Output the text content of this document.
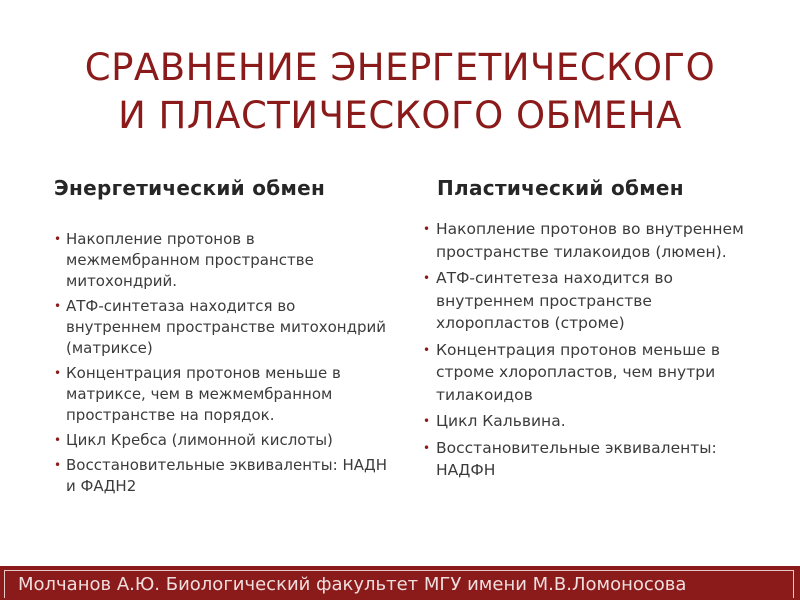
СРАВНЕНИЕ ЭНЕРГЕТИЧЕСКОГО
И ПЛАСТИЧЕСКОГО ОБМЕНА
Энергетический обмен
• Накопление протонов в межмембранном пространстве митохондрий.
• АТФ-синтетаза находится во внутреннем пространстве митохондрий (матриксе)
• Концентрация протонов меньше в матриксе, чем в межмембранном пространстве на порядок.
• Цикл Кребса (лимонной кислоты)
• Восстановительные эквиваленты: НАДН и ФАДН2
Пластический обмен
• Накопление протонов во внутреннем пространстве тилакоидов (люмен).
• АТФ-синтетеза находится во внутреннем пространстве хлоропластов (строме)
• Концентрация протонов меньше в строме хлоропластов, чем внутри тилакоидов
• Цикл Кальвина.
• Восстановительные эквиваленты: НАДФН
Молчанов А.Ю. Биологический факультет МГУ имени М.В.Ломоносова
